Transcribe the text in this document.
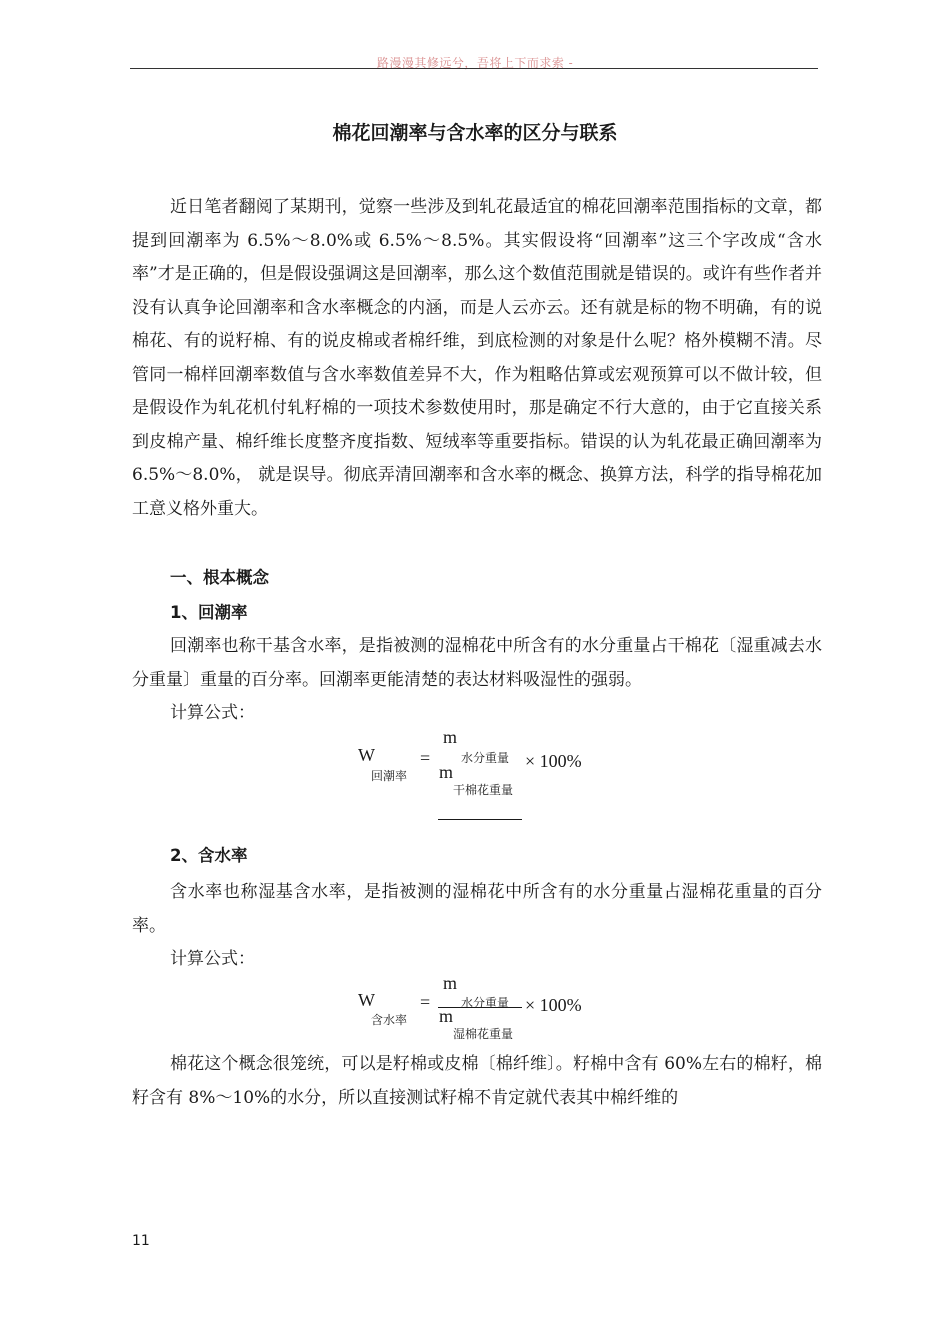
路漫漫其修远兮，吾将上下而求索 -
棉花回潮率与含水率的区分与联系
近日笔者翻阅了某期刊，觉察一些涉及到轧花最适宜的棉花回潮率范围指标的文章，都提到回潮率为 6.5%～8.0%或 6.5%～8.5%。其实假设将“回潮率”这三个字改成“含水率”才是正确的，但是假设强调这是回潮率，那么这个数值范围就是错误的。或许有些作者并没有认真争论回潮率和含水率概念的内涵，而是人云亦云。还有就是标的物不明确，有的说棉花、有的说籽棉、有的说皮棉或者棉纤维，到底检测的对象是什么呢？格外模糊不清。尽管同一棉样回潮率数值与含水率数值差异不大，作为粗略估算或宏观预算可以不做计较，但是假设作为轧花机付轧籽棉的一项技术参数使用时，那是确定不行大意的，由于它直接关系到皮棉产量、棉纤维长度整齐度指数、短绒率等重要指标。错误的认为轧花最正确回潮率为 6.5%～8.0%， 就是误导。彻底弄清回潮率和含水率的概念、换算方法，科学的指导棉花加工意义格外重大。
一、根本概念
1、回潮率
回潮率也称干基含水率，是指被测的湿棉花中所含有的水分重量占干棉花〔湿重减去水分重量〕重量的百分率。回潮率更能清楚的表达材料吸湿性的强弱。
计算公式：
W
回潮率
=
m
水分重量
m
干棉花重量
× 100%
2、含水率
含水率也称湿基含水率，是指被测的湿棉花中所含有的水分重量占湿棉花重量的百分率。
计算公式：
W
含水率
=
m
水分重量
m
湿棉花重量
× 100%
棉花这个概念很笼统，可以是籽棉或皮棉〔棉纤维〕。籽棉中含有 60%左右的棉籽，棉籽含有 8%～10%的水分，所以直接测试籽棉不肯定就代表其中棉纤维的
11
